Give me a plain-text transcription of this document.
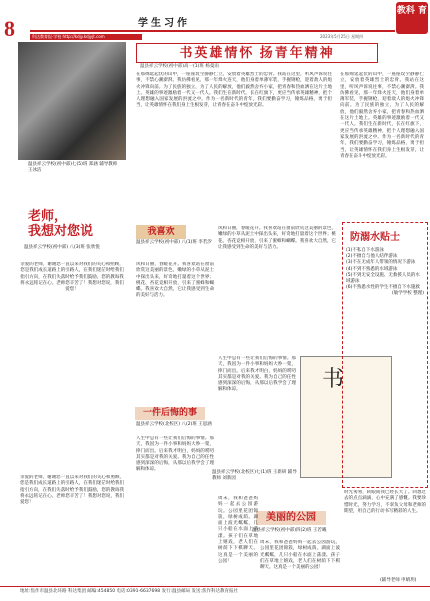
8	学生习作
科达教育报·学校 http://kdjy.kdjyjt.com	2023年5月25日 星期四
教科 育
温县祥云学校(初中部)七(5)班 郑涵 辅导教师 王冰洁
书英雄情怀 扬青年精神
温县祥云学校(初中部)高一(1)班 杨曼雨
在那绵延起伏的山中，一座座坟茔静静伫立，安放着英雄烈士的忠骨。我站在这里，听风声诉说往事，不禁心潮澎湃。我仿佛看见，那一年烽火连天，他们身着单薄军装，手握钢枪，迎着敌人的炮火冲锋向前。为了民族的独立，为了人民的解放，他们毅然舍弃小家，把青春和热血洒在这片土地上。英雄的事迹激励着一代又一代人。我们生在新时代，长在红旗下，更应当传承英雄精神，把个人理想融入国家发展的洪流之中。作为一名新时代的青年，我们要勤奋学习，锤炼品格，勇于担当，让英雄情怀在我们身上生根发芽，让青春在奋斗中绽放光彩。
在那绵延起伏的山中，一座座坟茔静静伫立，安放着英雄烈士的忠骨。我站在这里，听风声诉说往事，不禁心潮澎湃。我仿佛看见，那一年烽火连天，他们身着单薄军装，手握钢枪，迎着敌人的炮火冲锋向前。为了民族的独立，为了人民的解放，他们毅然舍弃小家，把青春和热血洒在这片土地上。英雄的事迹激励着一代又一代人。我们生在新时代，长在红旗下，更应当传承英雄精神，把个人理想融入国家发展的洪流之中。作为一名新时代的青年，我们要勤奋学习，锤炼品格，勇于担当，让英雄情怀在我们身上生根发芽，让青春在奋斗中绽放光彩。
老师，
我想对您说
温县祥云学校(初中部) 八(3)班 张欣悦
亲爱的老师，谢谢您一直以来对我们的关心和照顾，您是我们成长道路上的引路人，在我们迷茫时给我们指引方向，在我们失落时给予我们鼓励，您的教诲我将永远铭记在心。老师您辛苦了！我想对您说，我们爱您！
亲爱的老师，谢谢您一直以来对我们的关心和照顾，您是我们成长道路上的引路人，在我们迷茫时给我们指引方向，在我们失落时给予我们鼓励，您的教诲我将永远铭记在心。老师您辛苦了！我想对您说，我们爱您！
我喜欢
温县祥云学校(初中部) 八(1)班 李若汐
风和日丽，春暖花开。我喜欢站在窗前欣赏这美丽的景色，嫩绿的小草从泥土中探出头来，好奇地打量着这个世界；桃花、杏花竞相开放，引来了蜜蜂和蝴蝶。我喜欢大自然，它让我感受到生命的美好与活力。
风和日丽，春暖花开。我喜欢站在窗前欣赏这美丽的景色，嫩绿的小草从泥土中探出头来，好奇地打量着这个世界；桃花、杏花竞相开放，引来了蜜蜂和蝴蝶。我喜欢大自然，它让我感受到生命的美好与活力。
一件后悔的事
温县祥云学校(北校区) 八(2)班 王思涵
人生中总有一些让我们后悔的事情。那天，我因为一件小事和妈妈大吵一架，摔门而出。后来我才明白，妈妈的唠叨其实都是对我的关爱。我为自己的任性感到深深的后悔，从那以后我学会了理解和体谅。
人生中总有一些让我们后悔的事情。那天，我因为一件小事和妈妈大吵一架，摔门而出。后来我才明白，妈妈的唠叨其实都是对我的关爱。我为自己的任性感到深深的后悔，从那以后我学会了理解和体谅。	书
温县祥云学校(北校区)七(1)班 王新研 辅导教师 刘新园
防溺水贴士
(1)不私自下水游泳
(2)不擅自与他人结伴游泳
(3)不在无成年人带领的情况下游泳
(4)不到不熟悉的水域游泳
(5)不到无安全设施、无救援人员的水域游泳
(6)不熟悉水性的学生不擅自下水施救
(敏学学校 整理)
美丽的公园
温县祥云学校(初中部)四(2)班 王若曦
周末，我和爸爸妈妈一起去公园游玩。公园里花团锦簇，绿树成荫。湖面上波光粼粼，几只小船在水面上荡漾。孩子们在草地上嬉戏，老人们在树荫下下棋聊天。这真是一个美丽的公园！
周末，我和爸爸妈妈一起去公园游玩。公园里花团锦簇，绿树成荫。湖面上波光粼粼，几只小船在水面上荡漾。孩子们在草地上嬉戏，老人们在树荫下下棋聊天。这真是一个美丽的公园！
时光匆匆，转眼间我已经长大了。回想过去的点点滴滴，心中充满了感慨。我要珍惜时光，努力学习，不辜负父母和老师的期望，用自己的行动书写精彩的人生。
(辅导老师 申晴玥)
地址:焦作市温县北环路 科达集团 邮编:454850 电话:0391-6637698 发行:温县邮局 发送:焦作科达教育报社
